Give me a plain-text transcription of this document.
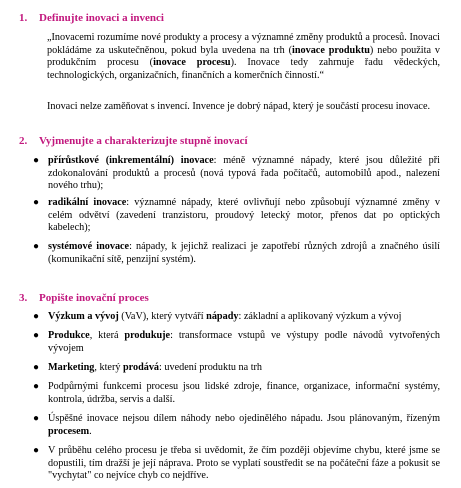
1. Definujte inovaci a invenci

„Inovacemi rozumíme nové produkty a procesy a významné změny produktů a procesů. Inovaci pokládáme za uskutečněnou, pokud byla uvedena na trh (inovace produktu) nebo použita v produkčním procesu (inovace procesu). Inovace tedy zahrnuje řadu vědeckých, technologických, organizačních, finančních a komerčních činností.“

Inovaci nelze zaměňovat s invencí. Invence je dobrý nápad, který je součástí procesu inovace.

2. Vyjmenujte a charakterizujte stupně inovací
● přírůstkové (inkrementální) inovace: méně významné nápady, které jsou důležité při zdokonalování produktů a procesů (nová typová řada počítačů, automobilů apod., nalezení nového trhu);
● radikální inovace: významné nápady, které ovlivňují nebo způsobují významné změny v celém odvětví (zavedení tranzistoru, proudový letecký motor, přenos dat po optických kabelech);
● systémové inovace: nápady, k jejichž realizaci je zapotřebí různých zdrojů a značného úsilí (komunikační sítě, penzijní systém).
3. Popište inovační proces
● Výzkum a vývoj (VaV), který vytváří nápady: základní a aplikovaný výzkum a vývoj
● Produkce, která produkuje: transformace vstupů ve výstupy podle návodů vytvořených vývojem
● Marketing, který prodává: uvedení produktu na trh
● Podpůrnými funkcemi procesu jsou lidské zdroje, finance, organizace, informační systémy, kontrola, údržba, servis a další.
● Úspěšné inovace nejsou dílem náhody nebo ojedinělého nápadu. Jsou plánovaným, řízeným procesem.
● V průběhu celého procesu je třeba si uvědomit, že čím později objevíme chybu, které jsme se dopustili, tím dražší je její náprava. Proto se vyplatí soustředit se na počáteční fáze a pokusit se "vychytat" co nejvíce chyb co nejdříve.
